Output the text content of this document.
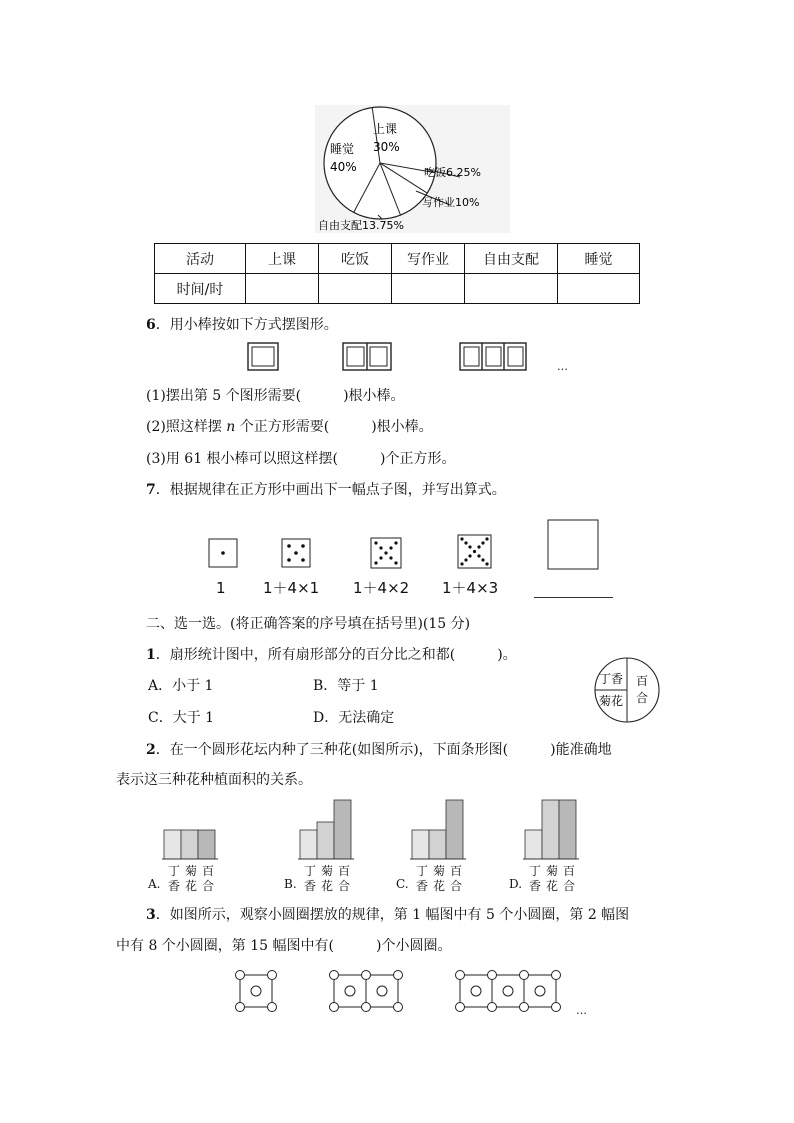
上课
30%
睡觉
40%	吃饭6.25%
写作业10%
自由支配13.75%
活动	上课	吃饭	写作业	自由支配	睡觉
时间/时					
6．用小棒按如下方式摆图形。
…
(1)摆出第 5 个图形需要(　　　)根小棒。
(2)照这样摆 n 个正方形需要(　　　)根小棒。
(3)用 61 根小棒可以照这样摆(　　　)个正方形。
7．根据规律在正方形中画出下一幅点子图，并写出算式。
1 1＋4×1 1＋4×2 1＋4×3
二、选一选。(将正确答案的序号填在括号里)(15 分)
1．扇形统计图中，所有扇形部分的百分比之和都(　　　)。
A．小于 1	B．等于 1
C．大于 1	D．无法确定
丁香
菊花
百
合
2．在一个圆形花坛内种了三种花(如图所示)，下面条形图(　　　)能准确地
表示这三种花种植面积的关系。
丁 菊 百
A. 香 花 合
丁 菊 百
B. 香 花 合
丁 菊 百
C. 香 花 合
丁 菊 百
D. 香 花 合
3．如图所示，观察小圆圈摆放的规律，第 1 幅图中有 5 个小圆圈，第 2 幅图
中有 8 个小圆圈，第 15 幅图中有(　　　)个小圆圈。
…
